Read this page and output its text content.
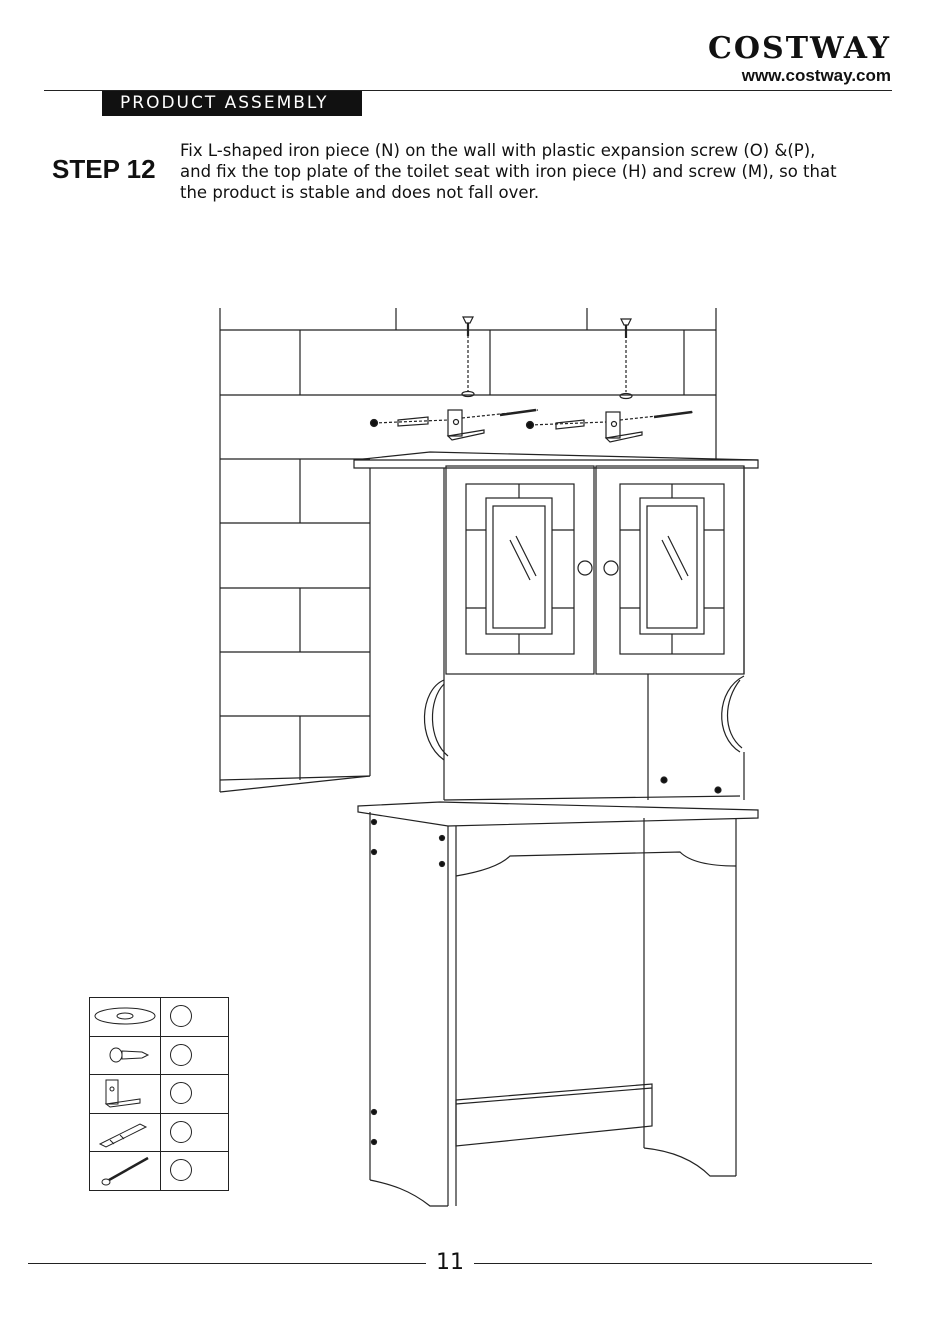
COSTWAY
www.costway.com
PRODUCT ASSEMBLY
STEP 12
Fix L-shaped iron piece (N) on the wall with plastic expansion screw (O) &(P),
and fix the top plate of the toilet seat with iron piece (H) and screw (M), so that
the product is stable and does not fall over.
11
